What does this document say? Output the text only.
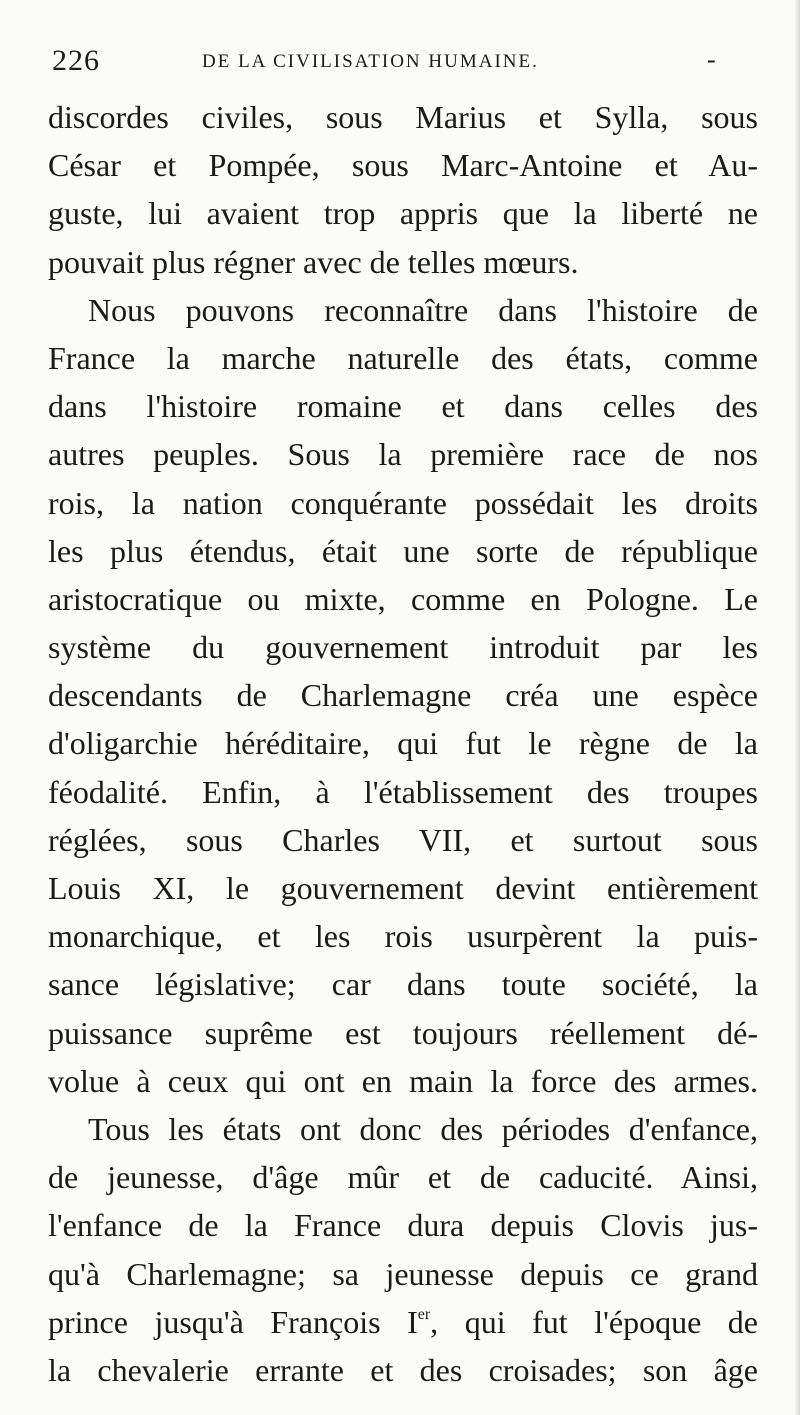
226	DE LA CIVILISATION HUMAINE.	-
discordes civiles, sous Marius et Sylla, sous
César et Pompée, sous Marc-Antoine et Au-
guste, lui avaient trop appris que la liberté ne
pouvait plus régner avec de telles mœurs.
Nous pouvons reconnaître dans l'histoire de
France la marche naturelle des états, comme
dans l'histoire romaine et dans celles des
autres peuples. Sous la première race de nos
rois, la nation conquérante possédait les droits
les plus étendus, était une sorte de république
aristocratique ou mixte, comme en Pologne. Le
système du gouvernement introduit par les
descendants de Charlemagne créa une espèce
d'oligarchie héréditaire, qui fut le règne de la
féodalité. Enfin, à l'établissement des troupes
réglées, sous Charles VII, et surtout sous
Louis XI, le gouvernement devint entièrement
monarchique, et les rois usurpèrent la puis-
sance législative; car dans toute société, la
puissance suprême est toujours réellement dé-
volue à ceux qui ont en main la force des armes.
Tous les états ont donc des périodes d'enfance,
de jeunesse, d'âge mûr et de caducité. Ainsi,
l'enfance de la France dura depuis Clovis jus-
qu'à Charlemagne; sa jeunesse depuis ce grand
prince jusqu'à François Ier, qui fut l'époque de
la chevalerie errante et des croisades; son âge
